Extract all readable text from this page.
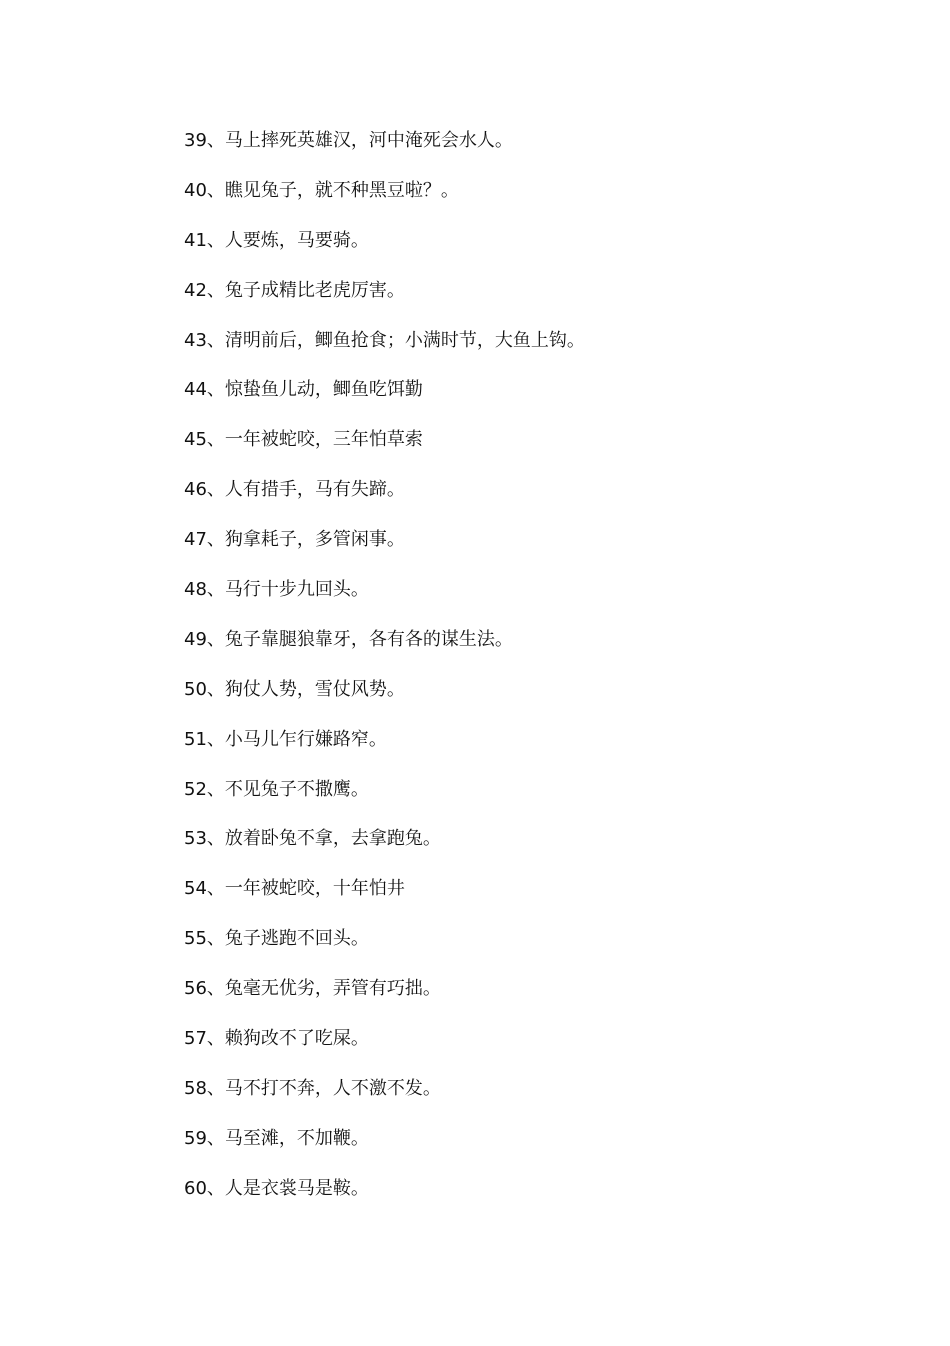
39、马上摔死英雄汉，河中淹死会水人。
40、瞧见兔子，就不种黑豆啦？。
41、人要炼，马要骑。
42、兔子成精比老虎厉害。
43、清明前后，鲫鱼抢食；小满时节，大鱼上钩。
44、惊蛰鱼儿动，鲫鱼吃饵勤
45、一年被蛇咬，三年怕草索
46、人有措手，马有失蹄。
47、狗拿耗子，多管闲事。
48、马行十步九回头。
49、兔子靠腿狼靠牙，各有各的谋生法。
50、狗仗人势，雪仗风势。
51、小马儿乍行嫌路窄。
52、不见兔子不撒鹰。
53、放着卧兔不拿，去拿跑兔。
54、一年被蛇咬，十年怕井
55、兔子逃跑不回头。
56、兔毫无优劣，弄管有巧拙。
57、赖狗改不了吃屎。
58、马不打不奔，人不激不发。
59、马至滩，不加鞭。
60、人是衣裳马是鞍。
